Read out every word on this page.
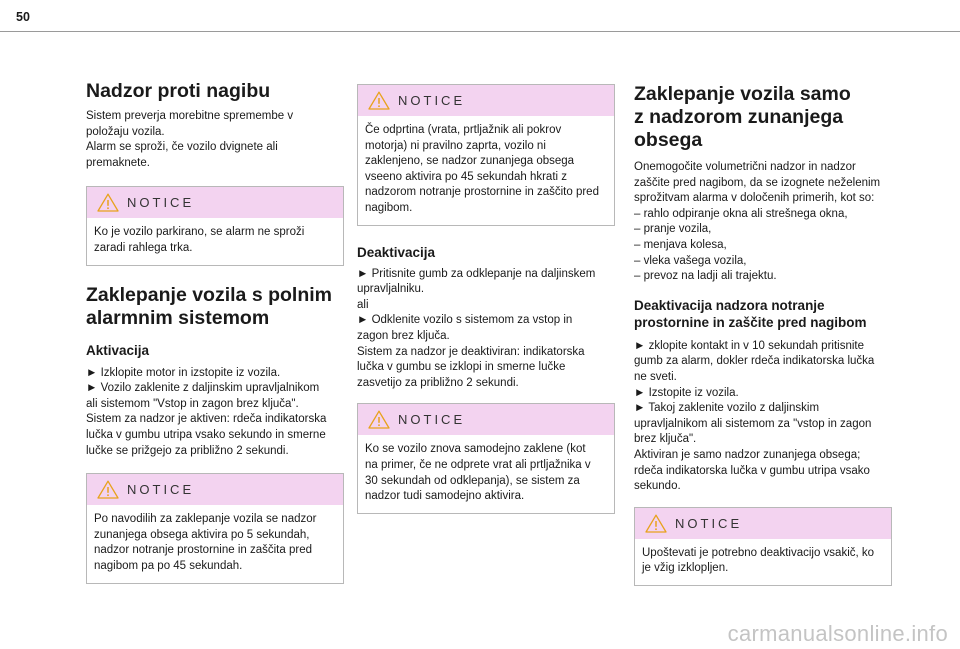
50
Nadzor proti nagibu

Sistem preverja morebitne spremembe v
položaju vozila.
Alarm se sproži, če vozilo dvignete ali
premaknete.

NOTICE
Ko je vozilo parkirano, se alarm ne sproži
zaradi rahlega trka.
Zaklepanje vozila s polnim
alarmnim sistemom
Aktivacija

► Izklopite motor in izstopite iz vozila.
► Vozilo zaklenite z daljinskim upravljalnikom
ali sistemom "Vstop in zagon brez ključa".
Sistem za nadzor je aktiven: rdeča indikatorska
lučka v gumbu utripa vsako sekundo in smerne
lučke se prižgejo za približno 2 sekundi.

NOTICE
Po navodilih za zaklepanje vozila se nadzor
zunanjega obsega aktivira po 5 sekundah,
nadzor notranje prostornine in zaščita pred
nagibom pa po 45 sekundah.
NOTICE
Če odprtina (vrata, prtljažnik ali pokrov
motorja) ni pravilno zaprta, vozilo ni
zaklenjeno, se nadzor zunanjega obsega
vseeno aktivira po 45 sekundah hkrati z
nadzorom notranje prostornine in zaščito pred
nagibom.
Deaktivacija

► Pritisnite gumb za odklepanje na daljinskem
upravljalniku.
ali
► Odklenite vozilo s sistemom za vstop in
zagon brez ključa.
Sistem za nadzor je deaktiviran: indikatorska
lučka v gumbu se izklopi in smerne lučke
zasvetijo za približno 2 sekundi.

NOTICE
Ko se vozilo znova samodejno zaklene (kot
na primer, če ne odprete vrat ali prtljažnika v
30 sekundah od odklepanja), se sistem za
nadzor tudi samodejno aktivira.
Zaklepanje vozila samo
z nadzorom zunanjega
obsega

Onemogočite volumetrični nadzor in nadzor
zaščite pred nagibom, da se izognete neželenim
sprožitvam alarma v določenih primerih, kot so:
– rahlo odpiranje okna ali strešnega okna,
– pranje vozila,
– menjava kolesa,
– vleka vašega vozila,
– prevoz na ladji ali trajektu.

Deaktivacija nadzora notranje
prostornine in zaščite pred nagibom

► zklopite kontakt in v 10 sekundah pritisnite
gumb za alarm, dokler rdeča indikatorska lučka
ne sveti.
► Izstopite iz vozila.
► Takoj zaklenite vozilo z daljinskim
upravljalnikom ali sistemom za "vstop in zagon
brez ključa".
Aktiviran je samo nadzor zunanjega obsega;
rdeča indikatorska lučka v gumbu utripa vsako
sekundo.

NOTICE
Upoštevati je potrebno deaktivacijo vsakič, ko
je vžig izklopljen.
carmanualsonline.info
